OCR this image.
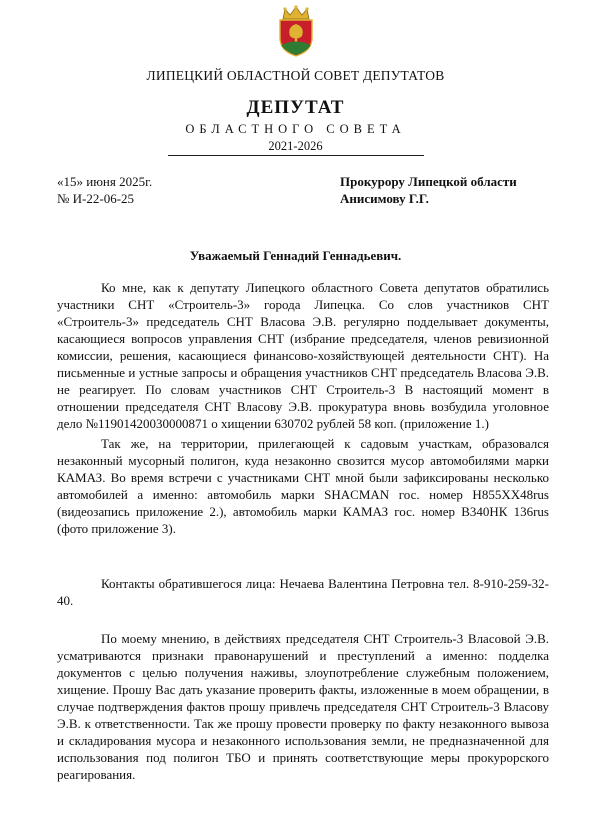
ЛИПЕЦКИЙ ОБЛАСТНОЙ СОВЕТ ДЕПУТАТОВ
ДЕПУТАТ
ОБЛАСТНОГО СОВЕТА
2021-2026
«15» июня 2025г.
№ И-22-06-25
Прокурору Липецкой области
Анисимову Г.Г.
Уважаемый Геннадий Геннадьевич.

Ко мне, как к депутату Липецкого областного Совета депутатов обратились участники СНТ «Строитель-3» города Липецка. Со слов участников СНТ «Строитель-3» председатель СНТ Власова Э.В. регулярно подделывает документы, касающиеся вопросов управления СНТ (избрание председателя, членов ревизионной комиссии, решения, касающиеся финансово-хозяйствующей деятельности СНТ). На письменные и устные запросы и обращения участников СНТ председатель Власова Э.В. не реагирует. По словам участников СНТ Строитель-3 В настоящий момент в отношении председателя СНТ Власову Э.В. прокуратура вновь возбудила уголовное дело №11901420030000871 о хищении 630702 рублей 58 коп. (приложение 1.)

Так же, на территории, прилегающей к садовым участкам, образовался незаконный мусорный полигон, куда незаконно свозится мусор автомобилями марки КАМАЗ. Во время встречи с участниками СНТ мной были зафиксированы несколько автомобилей а именно: автомобиль марки SHACMAN гос. номер Н855ХХ48rus (видеозапись приложение 2.), автомобиль марки КАМАЗ гос. номер В340НК 136rus (фото приложение 3).

Контакты обратившегося лица: Нечаева Валентина Петровна тел. 8-910-259-32-40.

По моему мнению, в действиях председателя СНТ Строитель-3 Власовой Э.В. усматриваются признаки правонарушений и преступлений а именно: подделка документов с целью получения наживы, злоупотребление служебным положением, хищение. Прошу Вас дать указание проверить факты, изложенные в моем обращении, в случае подтверждения фактов прошу привлечь председателя СНТ Строитель-3 Власову Э.В. к ответственности. Так же прошу провести проверку по факту незаконного вывоза и складирования мусора и незаконного использования земли, не предназначенной для использования под полигон ТБО и принять соответствующие меры прокурорского реагирования.
